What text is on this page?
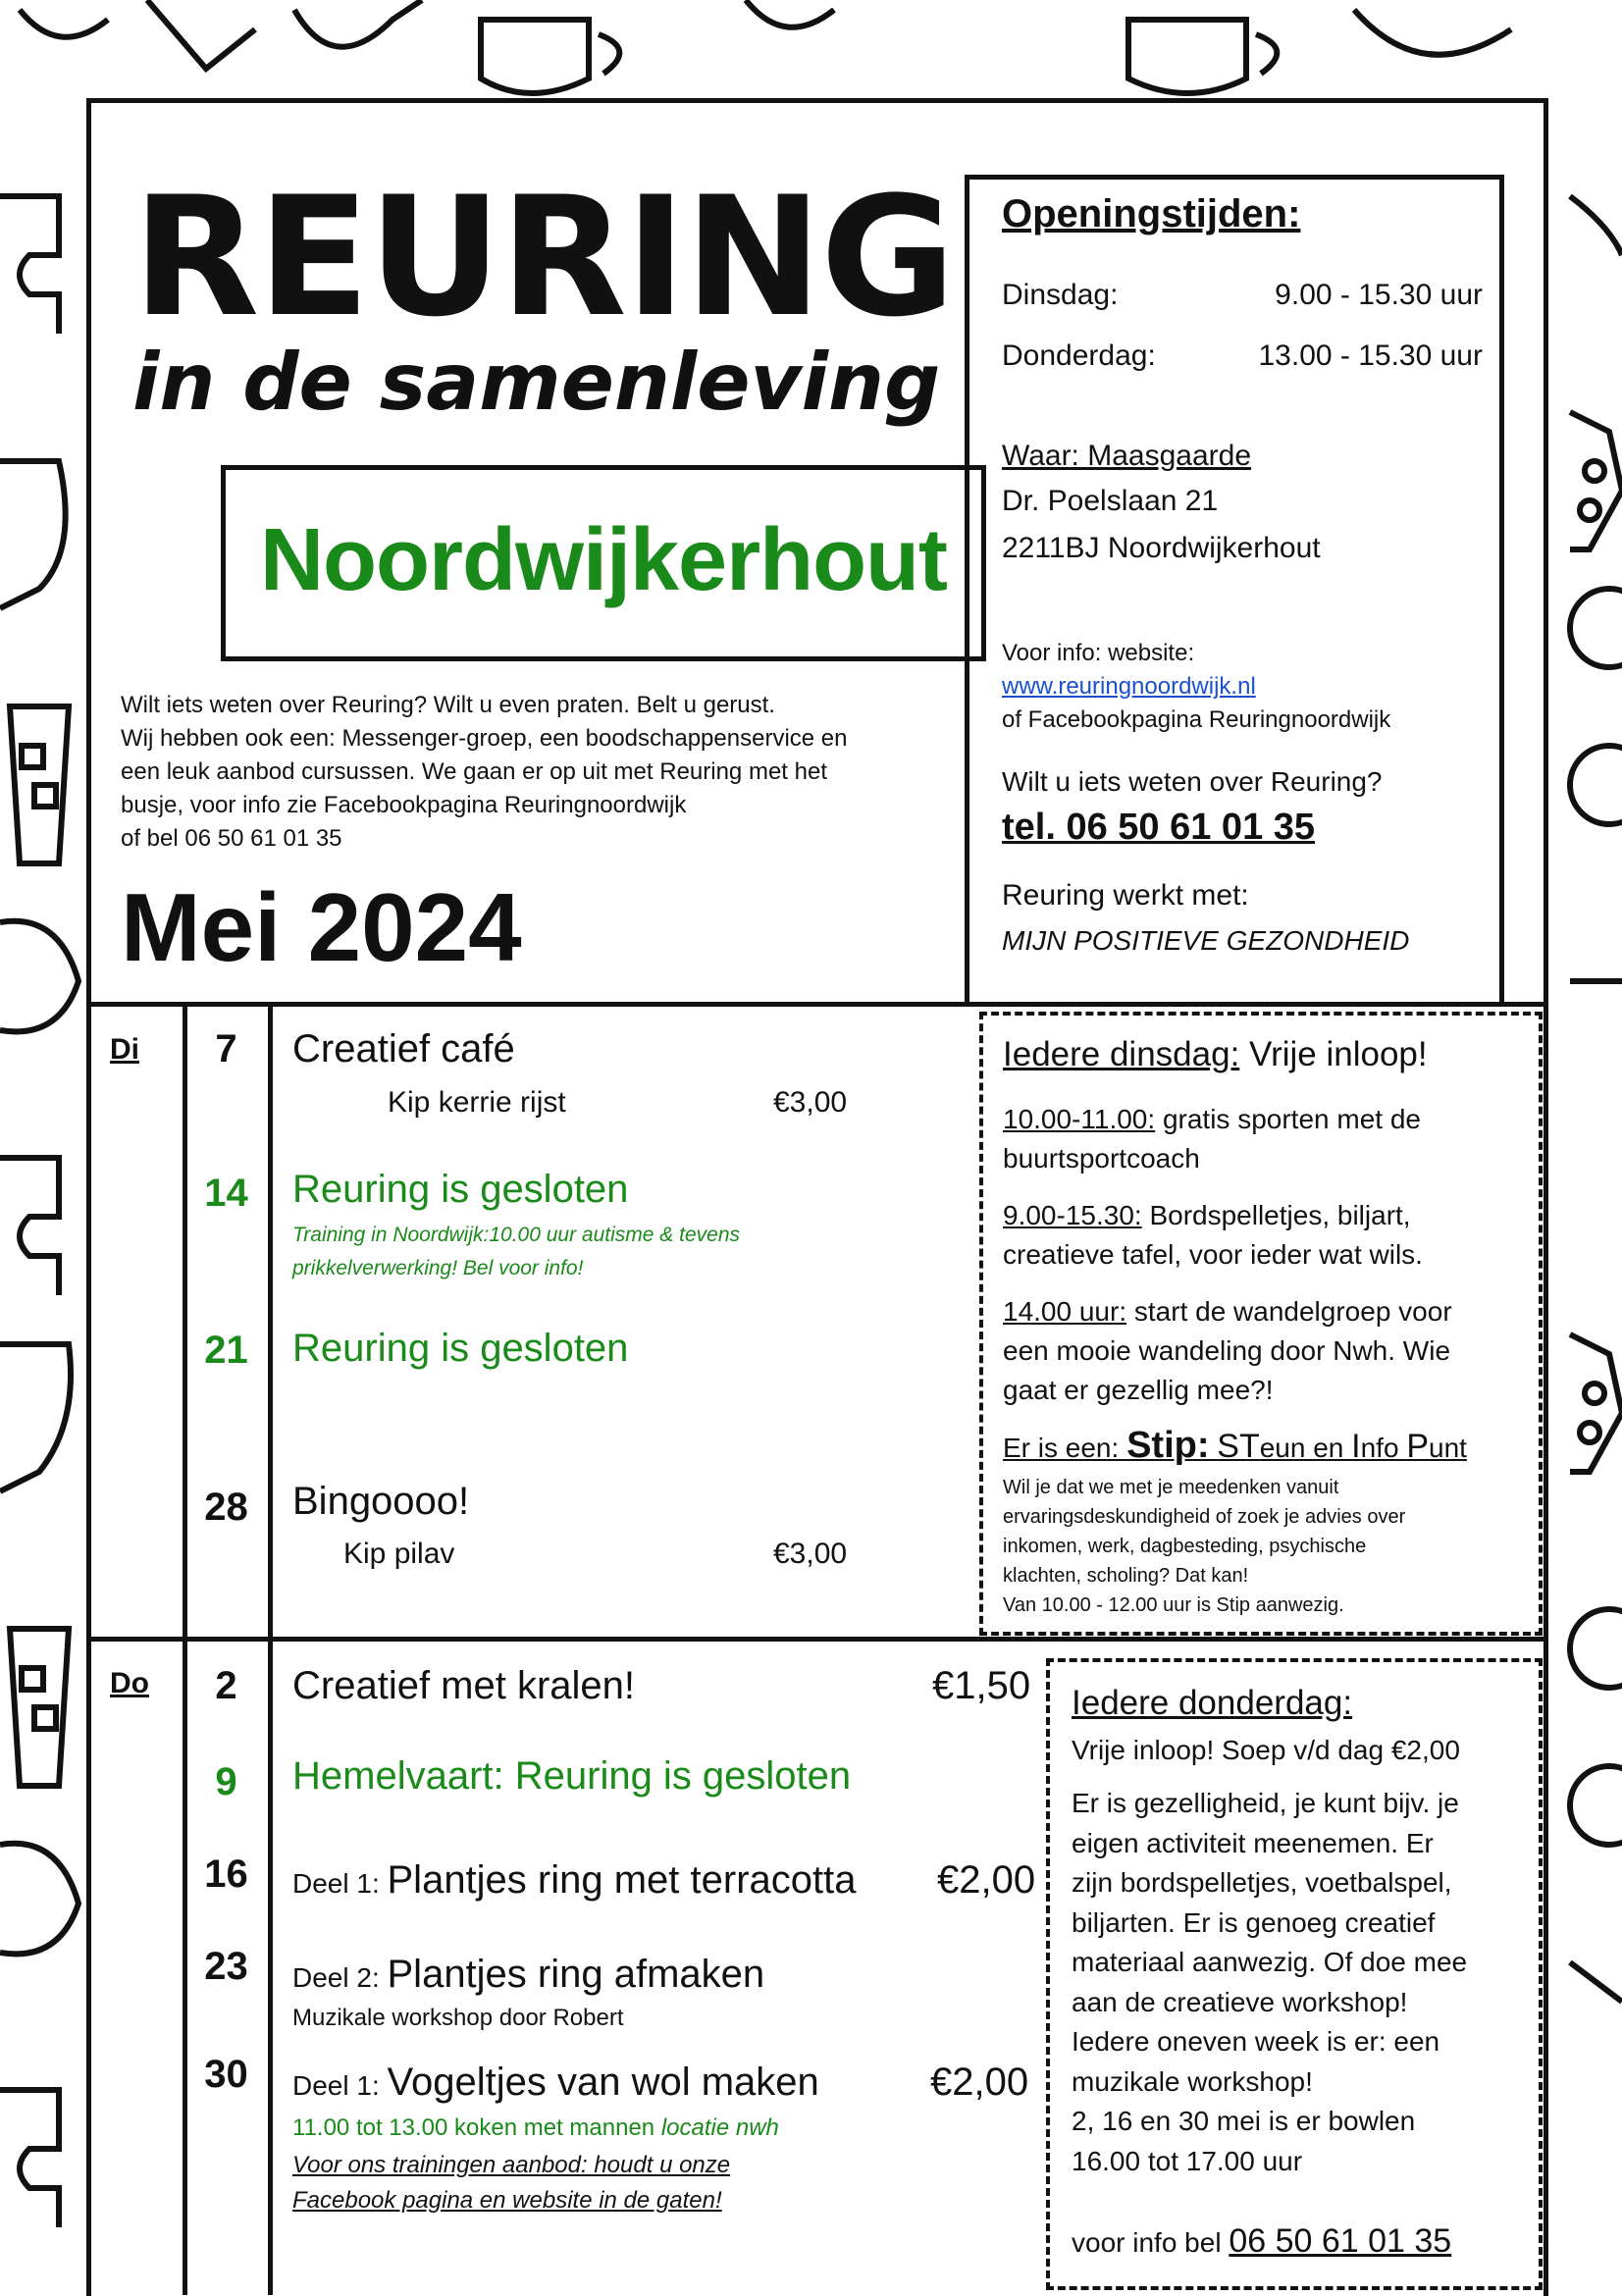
REURING
in de samenleving
Noordwijkerhout
Wilt iets weten over Reuring? Wilt u even praten. Belt u gerust.
Wij hebben ook een: Messenger-groep, een boodschappenservice en
een leuk aanbod cursussen. We gaan er op uit met Reuring met het
busje, voor info zie Facebookpagina Reuringnoordwijk
of bel 06 50 61 01 35
Mei 2024
Openingstijden:
Dinsdag:	9.00 - 15.30 uur
Donderdag:	13.00 - 15.30 uur
Waar: Maasgaarde
Dr. Poelslaan 21
2211BJ Noordwijkerhout
Voor info: website:
www.reuringnoordwijk.nl
of Facebookpagina Reuringnoordwijk
Wilt u iets weten over Reuring?
tel. 06 50 61 01 35
Reuring werkt met:
MIJN POSITIEVE GEZONDHEID
Di	7	Creatief café
Kip kerrie rijst	€3,00
14	Reuring is gesloten
Training in Noordwijk:10.00 uur autisme & tevens
prikkelverwerking! Bel voor info!
21	Reuring is gesloten
28	Bingoooo!
Kip pilav	€3,00
Iedere dinsdag: Vrije inloop!
10.00-11.00: gratis sporten met de
buurtsportcoach
9.00-15.30: Bordspelletjes, biljart,
creatieve tafel, voor ieder wat wils.
14.00 uur: start de wandelgroep voor
een mooie wandeling door Nwh. Wie
gaat er gezellig mee?!
Er is een: Stip: STeun en Info Punt
Wil je dat we met je meedenken vanuit
ervaringsdeskundigheid of zoek je advies over
inkomen, werk, dagbesteding, psychische
klachten, scholing? Dat kan!
Van 10.00 - 12.00 uur is Stip aanwezig.
Do	2	Creatief met kralen!	€1,50
9	Hemelvaart: Reuring is gesloten
16	Deel 1: Plantjes ring met terracotta €2,00
23	Deel 2: Plantjes ring afmaken
Muzikale workshop door Robert
30	Deel 1: Vogeltjes van wol maken	€2,00
11.00 tot 13.00 koken met mannen locatie nwh
Voor ons trainingen aanbod: houdt u onze
Facebook pagina en website in de gaten!
Iedere donderdag:
Vrije inloop! Soep v/d dag €2,00
Er is gezelligheid, je kunt bijv. je
eigen activiteit meenemen. Er
zijn bordspelletjes, voetbalspel,
biljarten. Er is genoeg creatief
materiaal aanwezig. Of doe mee
aan de creatieve workshop!
Iedere oneven week is er: een
muzikale workshop!
2, 16 en 30 mei is er bowlen
16.00 tot 17.00 uur
voor info bel 06 50 61 01 35
